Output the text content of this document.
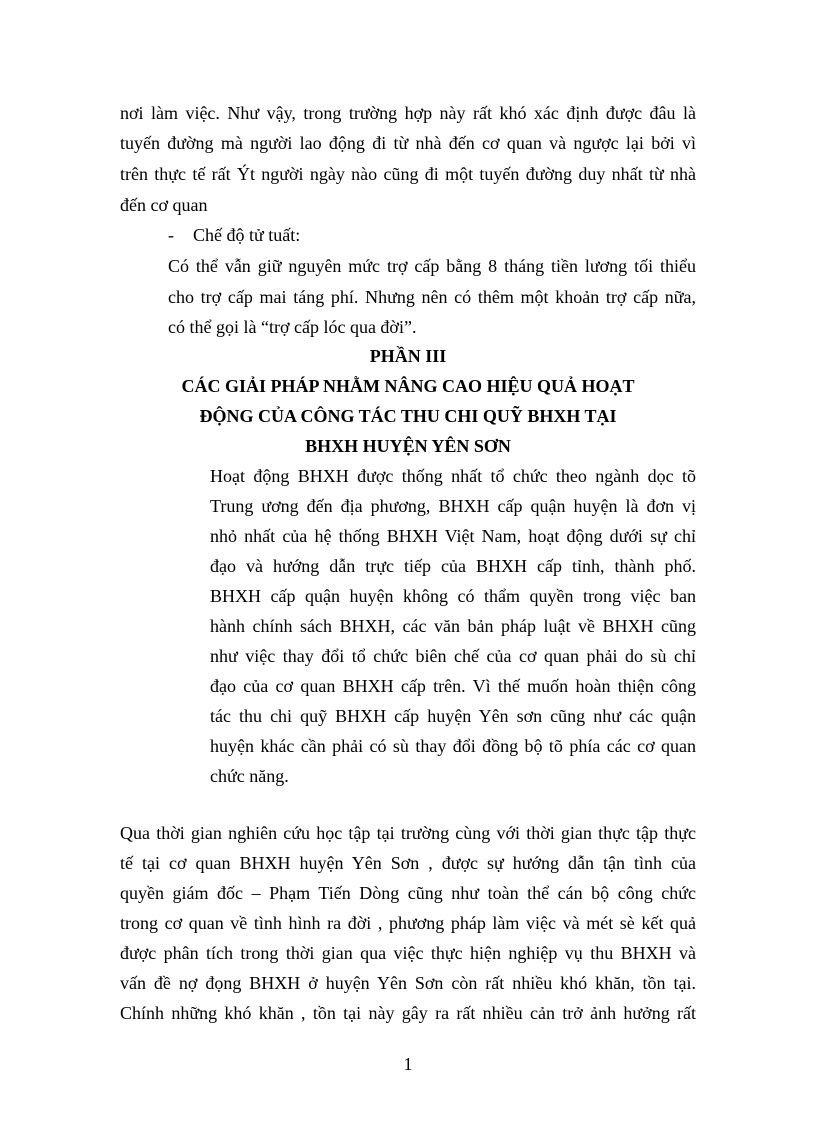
nơi làm việc. Như vậy, trong trường hợp này rất khó xác định được đâu là
tuyến đường mà người lao động đi từ nhà đến cơ quan và ngược lại bởi vì
trên thực tế rất Ýt người ngày nào cũng đi một tuyến đường duy nhất từ nhà
đến cơ quan
- Chế độ tử tuất:
Có thể vẫn giữ nguyên mức trợ cấp bằng 8 tháng tiền lương tối thiểu
cho trợ cấp mai táng phí. Nhưng nên có thêm một khoản trợ cấp nữa,
có thể gọi là “trợ cấp lóc qua đời”.
PHẦN III
CÁC GIẢI PHÁP NHẰM NÂNG CAO HIỆU QUẢ HOẠT
ĐỘNG CỦA CÔNG TÁC THU CHI QUỸ BHXH TẠI
BHXH HUYỆN YÊN SƠN
Hoạt động BHXH được thống nhất tổ chức theo ngành dọc tõ
Trung ương đến địa phương, BHXH cấp quận huyện là đơn vị
nhỏ nhất của hệ thống BHXH Việt Nam, hoạt động dưới sự chỉ
đạo và hướng dẫn trực tiếp của BHXH cấp tỉnh, thành phố.
BHXH cấp quận huyện không có thẩm quyền trong việc ban
hành chính sách BHXH, các văn bản pháp luật về BHXH cũng
như việc thay đổi tổ chức biên chế của cơ quan phải do sù chỉ
đạo của cơ quan BHXH cấp trên. Vì thế muốn hoàn thiện công
tác thu chi quỹ BHXH cấp huyện Yên sơn cũng như các quận
huyện khác cần phải có sù thay đổi đồng bộ tõ phía các cơ quan
chức năng.
Qua thời gian nghiên cứu học tập tại trường cùng với thời gian thực tập thực
tế tại cơ quan BHXH huyện Yên Sơn , được sự hướng dẫn tận tình của
quyền giám đốc – Phạm Tiến Dòng cũng như toàn thể cán bộ công chức
trong cơ quan về tình hình ra đời , phương pháp làm việc và mét sè kết quả
được phân tích trong thời gian qua việc thực hiện nghiệp vụ thu BHXH và
vấn đề nợ đọng BHXH ở huyện Yên Sơn còn rất nhiều khó khăn, tồn tại.
Chính những khó khăn , tồn tại này gây ra rất nhiều cản trở ảnh hưởng rất
1
